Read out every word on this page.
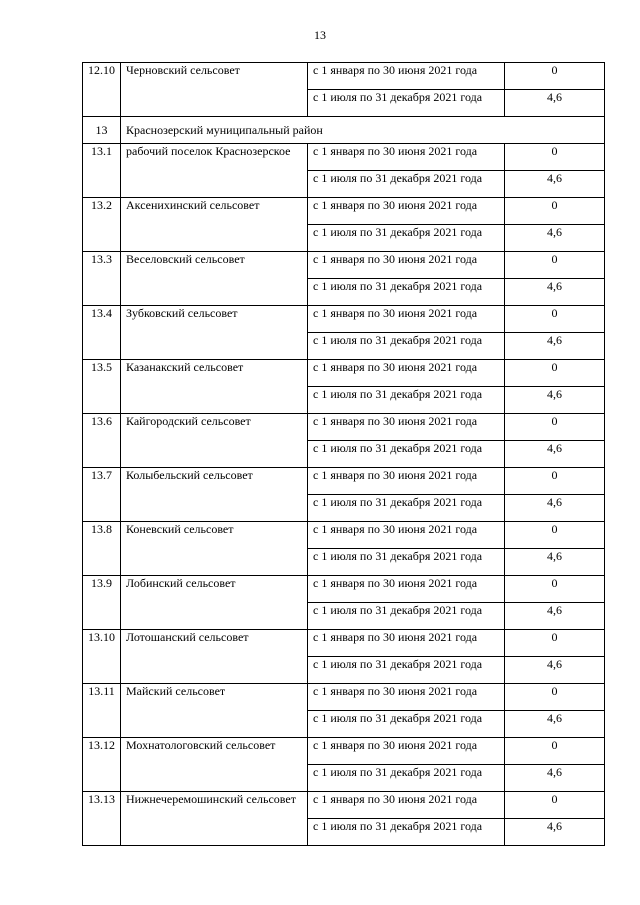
13
12.10	Черновский сельсовет	с 1 января по 30 июня 2021 года	0
		с 1 июля по 31 декабря 2021 года	4,6
13	Краснозерский муниципальный район		
13.1	рабочий поселок Краснозерское	с 1 января по 30 июня 2021 года	0
		с 1 июля по 31 декабря 2021 года	4,6
13.2	Аксенихинский сельсовет	с 1 января по 30 июня 2021 года	0
		с 1 июля по 31 декабря 2021 года	4,6
13.3	Веселовский сельсовет	с 1 января по 30 июня 2021 года	0
		с 1 июля по 31 декабря 2021 года	4,6
13.4	Зубковский сельсовет	с 1 января по 30 июня 2021 года	0
		с 1 июля по 31 декабря 2021 года	4,6
13.5	Казанакский сельсовет	с 1 января по 30 июня 2021 года	0
		с 1 июля по 31 декабря 2021 года	4,6
13.6	Кайгородский сельсовет	с 1 января по 30 июня 2021 года	0
		с 1 июля по 31 декабря 2021 года	4,6
13.7	Колыбельский сельсовет	с 1 января по 30 июня 2021 года	0
		с 1 июля по 31 декабря 2021 года	4,6
13.8	Коневский сельсовет	с 1 января по 30 июня 2021 года	0
		с 1 июля по 31 декабря 2021 года	4,6
13.9	Лобинский сельсовет	с 1 января по 30 июня 2021 года	0
		с 1 июля по 31 декабря 2021 года	4,6
13.10	Лотошанский сельсовет	с 1 января по 30 июня 2021 года	0
		с 1 июля по 31 декабря 2021 года	4,6
13.11	Майский сельсовет	с 1 января по 30 июня 2021 года	0
		с 1 июля по 31 декабря 2021 года	4,6
13.12	Мохнатологовский сельсовет	с 1 января по 30 июня 2021 года	0
		с 1 июля по 31 декабря 2021 года	4,6
13.13	Нижнечеремошинский сельсовет	с 1 января по 30 июня 2021 года	0
		с 1 июля по 31 декабря 2021 года	4,6
